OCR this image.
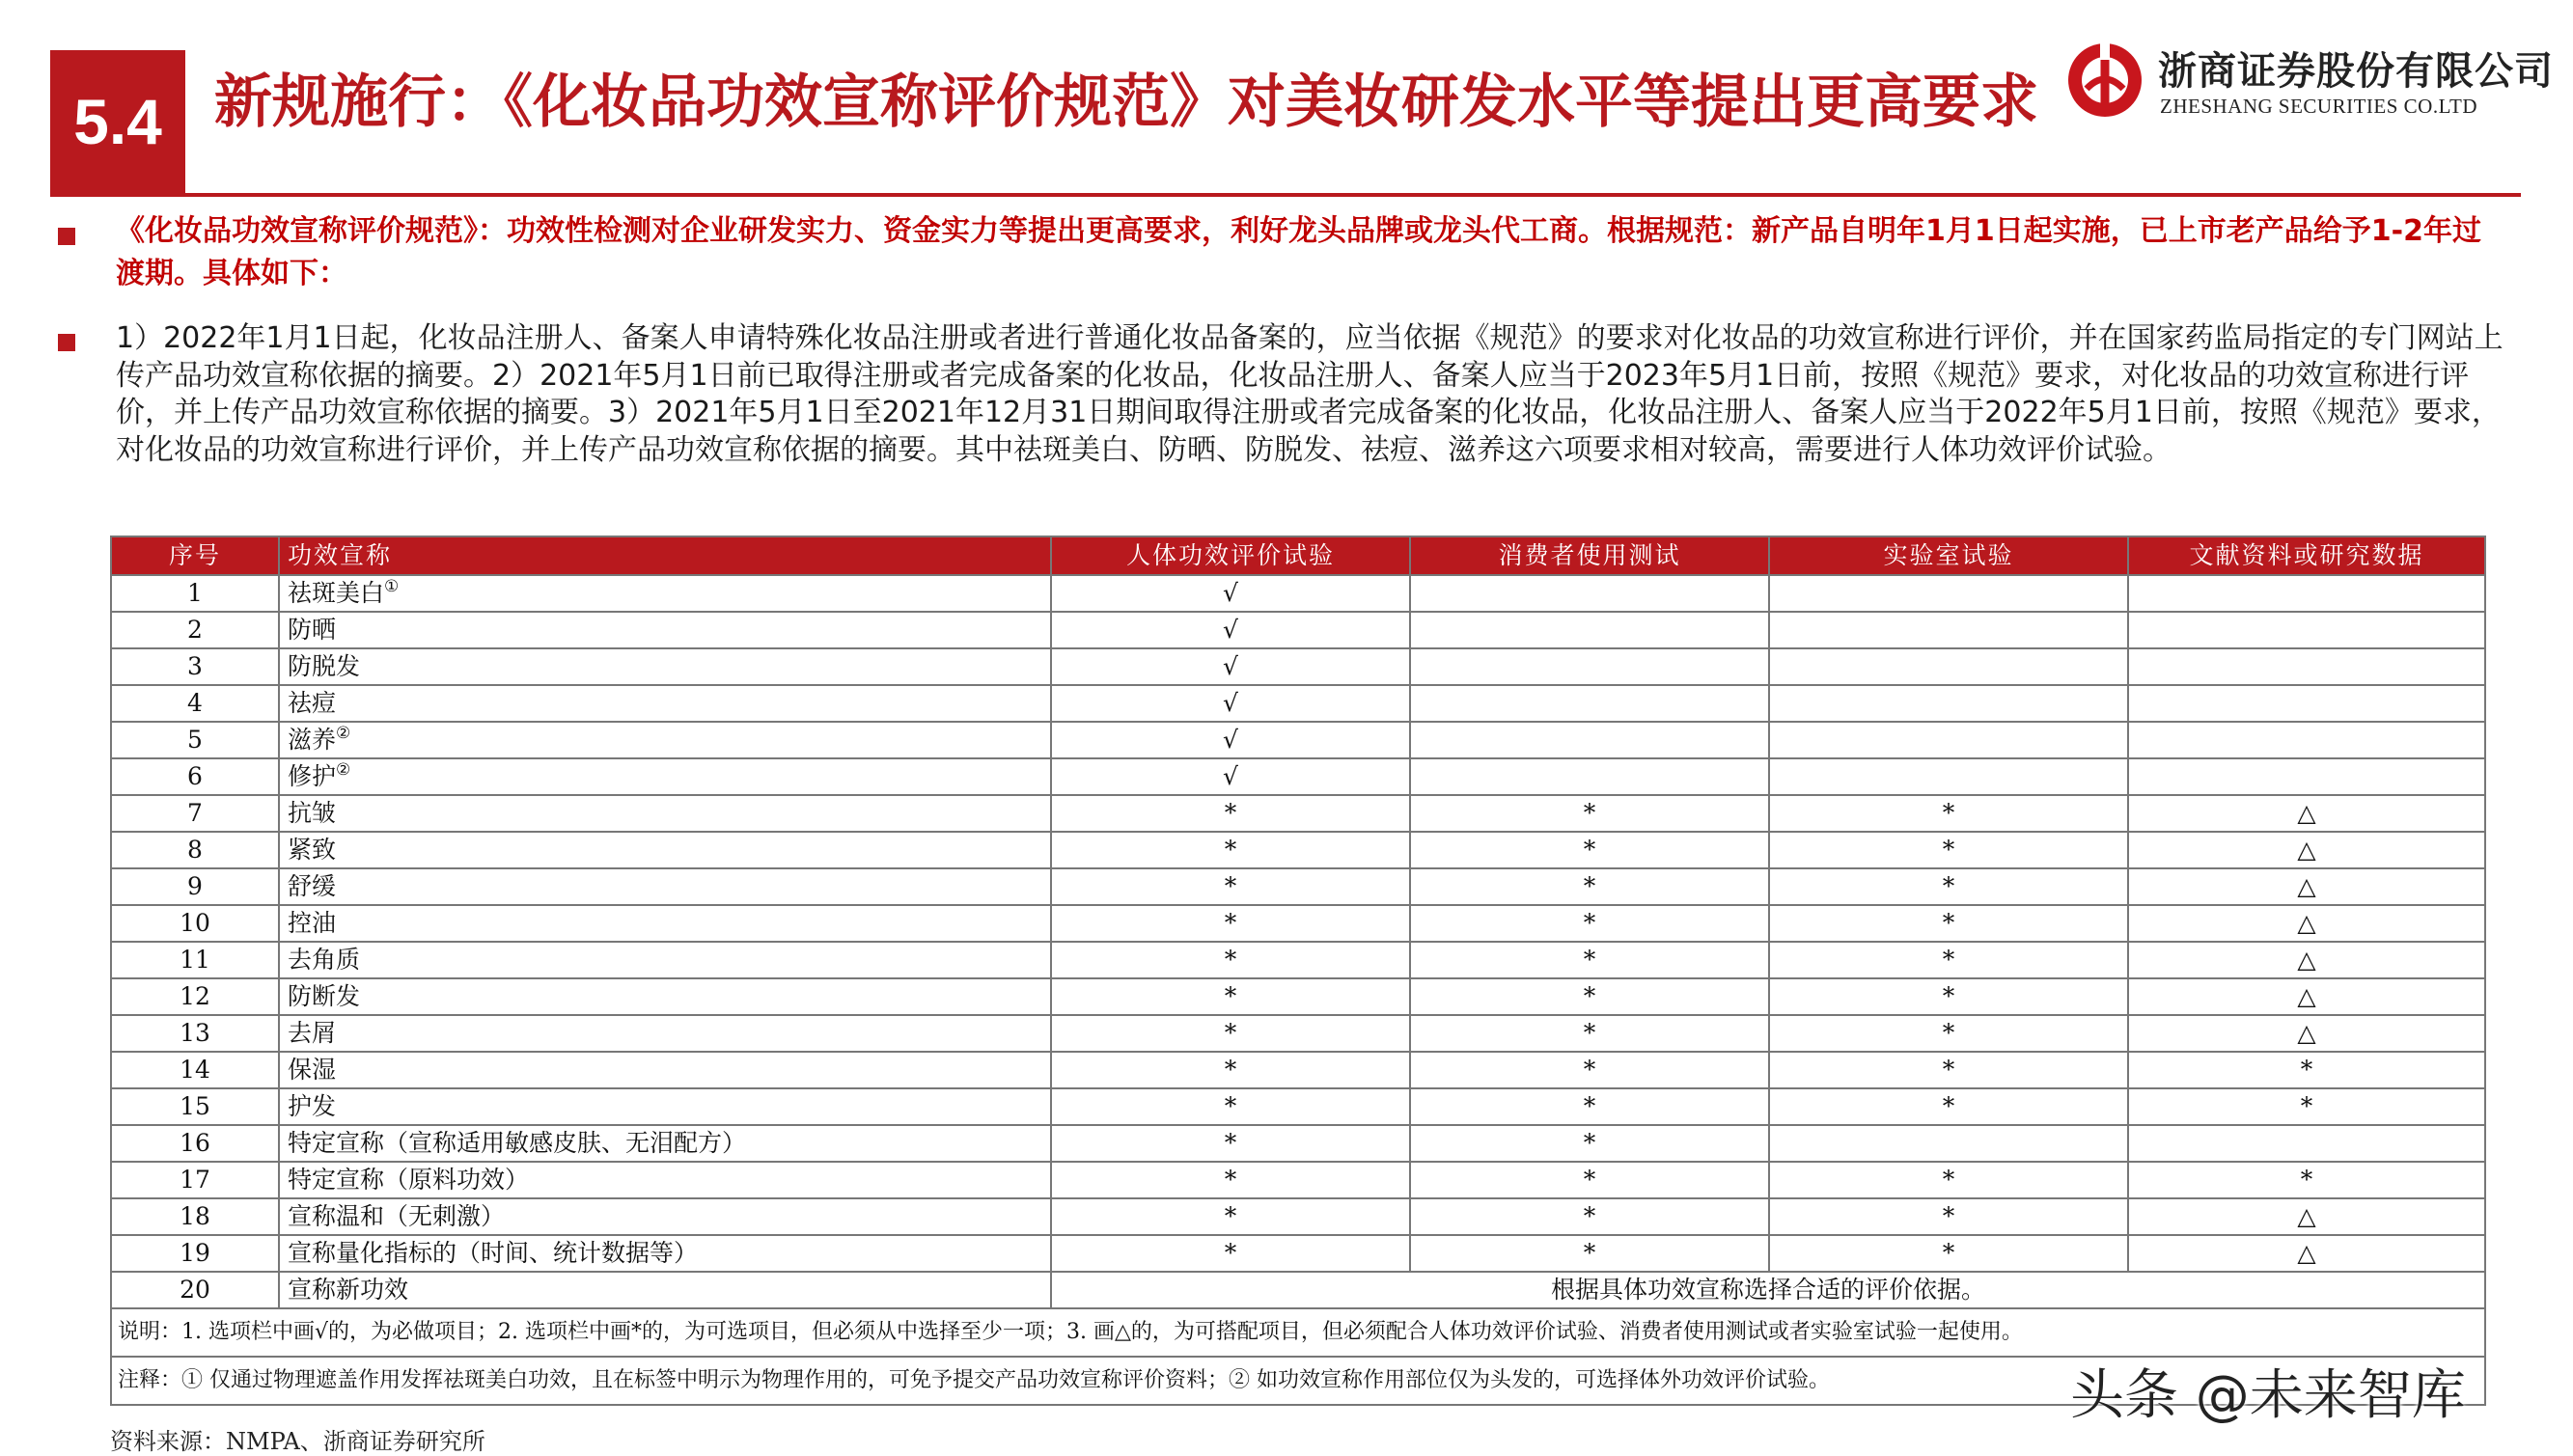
5.4 新规施行：《化妆品功效宣称评价规范》对美妆研发水平等提出更高要求	浙商证券股份有限公司
ZHESHANG SECURITIES CO.LTD
《化妆品功效宣称评价规范》：功效性检测对企业研发实力、资金实力等提出更高要求，利好龙头品牌或龙头代工商。根据规范：新产品自明年1月1日起实施，已上市老产品给予1-2年过渡期。具体如下：
1）2022年1月1日起，化妆品注册人、备案人申请特殊化妆品注册或者进行普通化妆品备案的，应当依据《规范》的要求对化妆品的功效宣称进行评价，并在国家药监局指定的专门网站上传产品功效宣称依据的摘要。2）2021年5月1日前已取得注册或者完成备案的化妆品，化妆品注册人、备案人应当于2023年5月1日前，按照《规范》要求，对化妆品的功效宣称进行评价，并上传产品功效宣称依据的摘要。3）2021年5月1日至2021年12月31日期间取得注册或者完成备案的化妆品，化妆品注册人、备案人应当于2022年5月1日前，按照《规范》要求，对化妆品的功效宣称进行评价，并上传产品功效宣称依据的摘要。其中祛斑美白、防晒、防脱发、祛痘、滋养这六项要求相对较高，需要进行人体功效评价试验。
序号	功效宣称	人体功效评价试验	消费者使用测试	实验室试验	文献资料或研究数据
1	祛斑美白①	√			
2	防晒	√			
3	防脱发	√			
4	祛痘	√			
5	滋养②	√			
6	修护②	√			
7	抗皱	*	*	*	△
8	紧致	*	*	*	△
9	舒缓	*	*	*	△
10	控油	*	*	*	△
11	去角质	*	*	*	△
12	防断发	*	*	*	△
13	去屑	*	*	*	△
14	保湿	*	*	*	*
15	护发	*	*	*	*
16	特定宣称（宣称适用敏感皮肤、无泪配方）	*	*		
17	特定宣称（原料功效）	*	*	*	*
18	宣称温和（无刺激）	*	*	*	△
19	宣称量化指标的（时间、统计数据等）	*	*	*	△
20	宣称新功效	根据具体功效宣称选择合适的评价依据。			
说明：1. 选项栏中画√的，为必做项目；2. 选项栏中画*的，为可选项目，但必须从中选择至少一项；3. 画△的，为可搭配项目，但必须配合人体功效评价试验、消费者使用测试或者实验室试验一起使用。					
注释：① 仅通过物理遮盖作用发挥祛斑美白功效，且在标签中明示为物理作用的，可免予提交产品功效宣称评价资料；② 如功效宣称作用部位仅为头发的，可选择体外功效评价试验。					
资料来源：NMPA、浙商证券研究所
头条 @未来智库
